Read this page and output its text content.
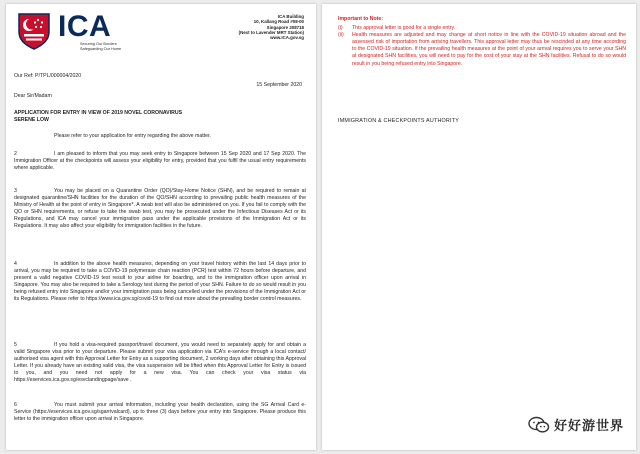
ICA
Securing Our Borders
Safeguarding Our Home
ICA Building
10, Kallang Road #08-00
Singapore 208718
(Next to Lavender MRT Station)
www.ICA.gov.sg
Our Ref: P/TPL/000004/2020
15 September 2020
Dear Sir/Madam
APPLICATION FOR ENTRY IN VIEW OF 2019 NOVEL CORONAVIRUS
SERENE LOW
Please refer to your application for entry regarding the above matter.
2	I am pleased to inform that you may seek entry to Singapore between 15 Sep 2020 and 17 Sep 2020. The Immigration Officer at the checkpoints will assess your eligibility for entry, provided that you fulfil the usual entry requirements where applicable.
3	You may be placed on a Quarantine Order (QO)/Stay-Home Notice (SHN), and be required to remain at designated quarantine/SHN facilities for the duration of the QO/SHN according to prevailing public health measures of the Ministry of Health at the point of entry in Singapore*. A swab test will also be administered on you. If you fail to comply with the QO or SHN requirements, or refuse to take the swab test, you may be prosecuted under the Infectious Diseases Act or its Regulations, and ICA may cancel your immigration pass under the applicable provisions of the Immigration Act or its Regulations. It may also affect your eligibility for immigration facilities in the future.
4	In addition to the above health measures, depending on your travel history within the last 14 days prior to arrival, you may be required to take a COVID-19 polymerase chain reaction (PCR) test within 72 hours before departure, and present a valid negative COVID-19 test result to your airline for boarding, and to the immigration officer upon arrival in Singapore. You may also be required to take a Serology test during the period of your SHN. Failure to do so would result in you being refused entry into Singapore and/or your immigration pass being cancelled under the provisions of the Immigration Act or its Regulations. Please refer to https://www.ica.gov.sg/covid-19 to find out more about the prevailing border control measures.
5	If you hold a visa-required passport/travel document, you would need to separately apply for and obtain a valid Singapore visa prior to your departure. Please submit your visa application via ICA's e-service through a local contact/ authorised visa agent with this Approval Letter for Entry as a supporting document, 2 working days after obtaining this Approval Letter. If you already have an existing valid visa, the visa suspension will be lifted when this Approval Letter for Entry is issued to you, and you need not apply for a new visa. You can check your visa status via https://eservices.ica.gov.sg/esvclandingpage/save .
6	You must submit your arrival information, including your health declaration, using the SG Arrival Card e-Service (https://eservices.ica.gov.sg/sgarrivalcard), up to three (3) days before your entry into Singapore. Please produce this letter to the immigration officer upon arrival in Singapore.
Important to Note:
(i) This approval letter is good for a single entry.
(ii) Health measures are adjusted and may change at short notice in line with the COVID-19 situation abroad and the assessed risk of importation from arriving travellers. This approval letter may thus be rescinded at any time according to the COVID-19 situation. If the prevailing health measures at the point of your arrival requires you to serve your SHN at designated SHN facilities, you will need to pay for the cost of your stay at the SHN facilities. Refusal to do so would result in you being refused entry into Singapore.
IMMIGRATION & CHECKPOINTS AUTHORITY
好好游世界
